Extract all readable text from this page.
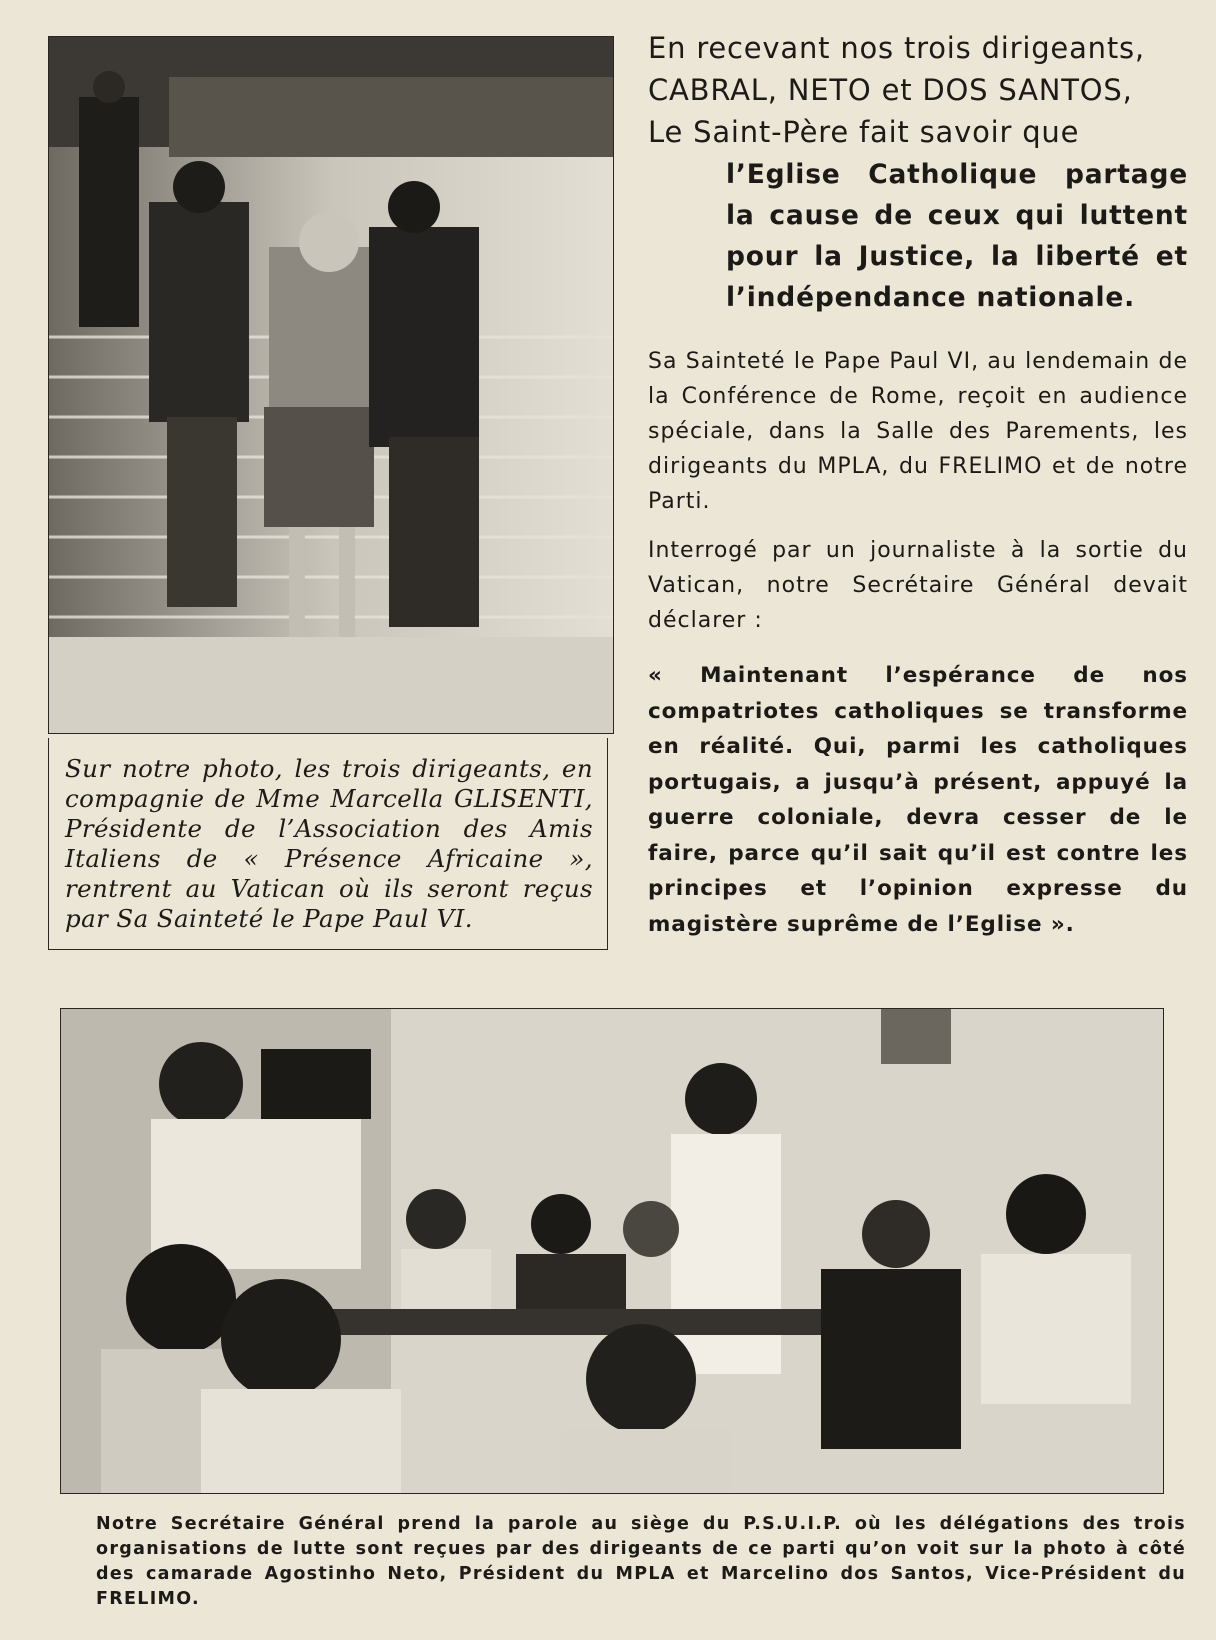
Sur notre photo, les trois dirigeants, en compagnie de Mme Marcella GLISENTI, Présidente de l’Association des Amis Italiens de « Présence Africaine », rentrent au Vatican où ils seront reçus par Sa Sainteté le Pape Paul VI.

En recevant nos trois dirigeants,

CABRAL, NETO et DOS SANTOS,

Le Saint-Père fait savoir que

l’Eglise Catholique partage la cause de ceux qui luttent pour la Justice, la liberté et l’indépendance nationale.
Sa Sainteté le Pape Paul VI, au lendemain de la Conférence de Rome, reçoit en audience spéciale, dans la Salle des Parements, les dirigeants du MPLA, du FRELIMO et de notre Parti.
Interrogé par un journaliste à la sortie du Vatican, notre Secrétaire Général devait déclarer :
« Maintenant l’espérance de nos compatriotes catholiques se transforme en réalité. Qui, parmi les catholiques portugais, a jusqu’à présent, appuyé la guerre coloniale, devra cesser de le faire, parce qu’il sait qu’il est contre les principes et l’opinion expresse du magistère suprême de l’Eglise ».
Notre Secrétaire Général prend la parole au siège du P.S.U.I.P. où les délégations des trois organisations de lutte sont reçues par des dirigeants de ce parti qu’on voit sur la photo à côté des camarade Agostinho Neto, Président du MPLA et Marcelino dos Santos, Vice-Président du FRELIMO.
